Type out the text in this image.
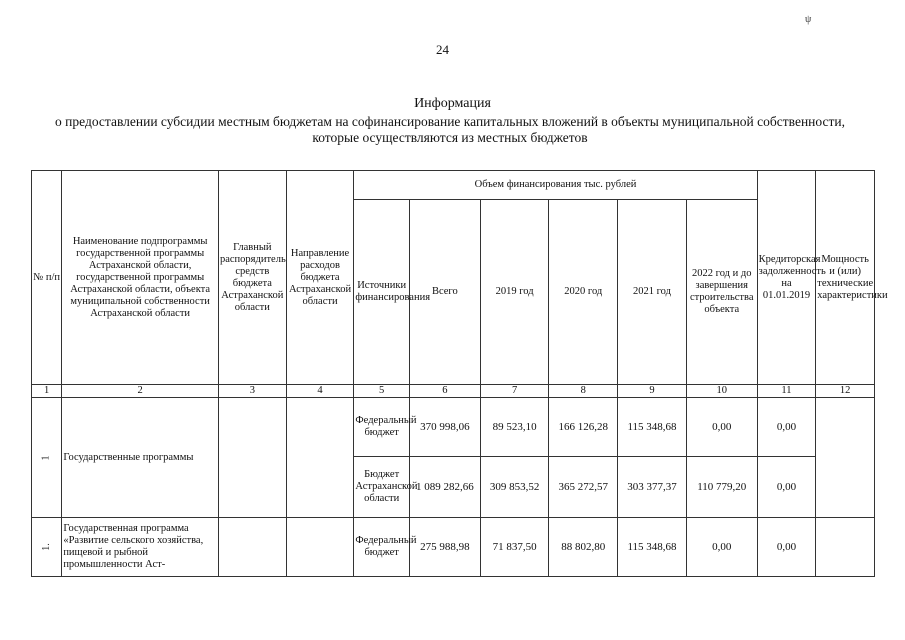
ψ
24
Информация
о предоставлении субсидии местным бюджетам на софинансирование капитальных вложений в объекты муниципальной собственности, которые осуществляются из местных бюджетов
№ п/п	Наименование подпрограммы государственной программы Астраханской области, государственной программы Астраханской области, объекта муниципальной собственности Астраханской области	Главный распорядитель средств бюджета Астраханской области	Направление расходов бюджета Астраханской области	Объем финансирования тыс. рублей						Кредиторская задолженность на 01.01.2019	Мощность и (или) технические характеристики
				Источники финансирования	Всего	2019 год	2020 год	2021 год	2022 год и до завершения строительства объекта		
1	2	3	4	5	6	7	8	9	10	11	12
1	Государственные программы			Федеральный бюджет	370 998,06	89 523,10	166 126,28	115 348,68	0,00	0,00	
				Бюджет Астраханской области	1 089 282,66	309 853,52	365 272,57	303 377,37	110 779,20	0,00	
1.	Государственная программа «Развитие сельского хозяйства, пищевой и рыбной промышленности Аст-			Федеральный бюджет	275 988,98	71 837,50	88 802,80	115 348,68	0,00	0,00	
